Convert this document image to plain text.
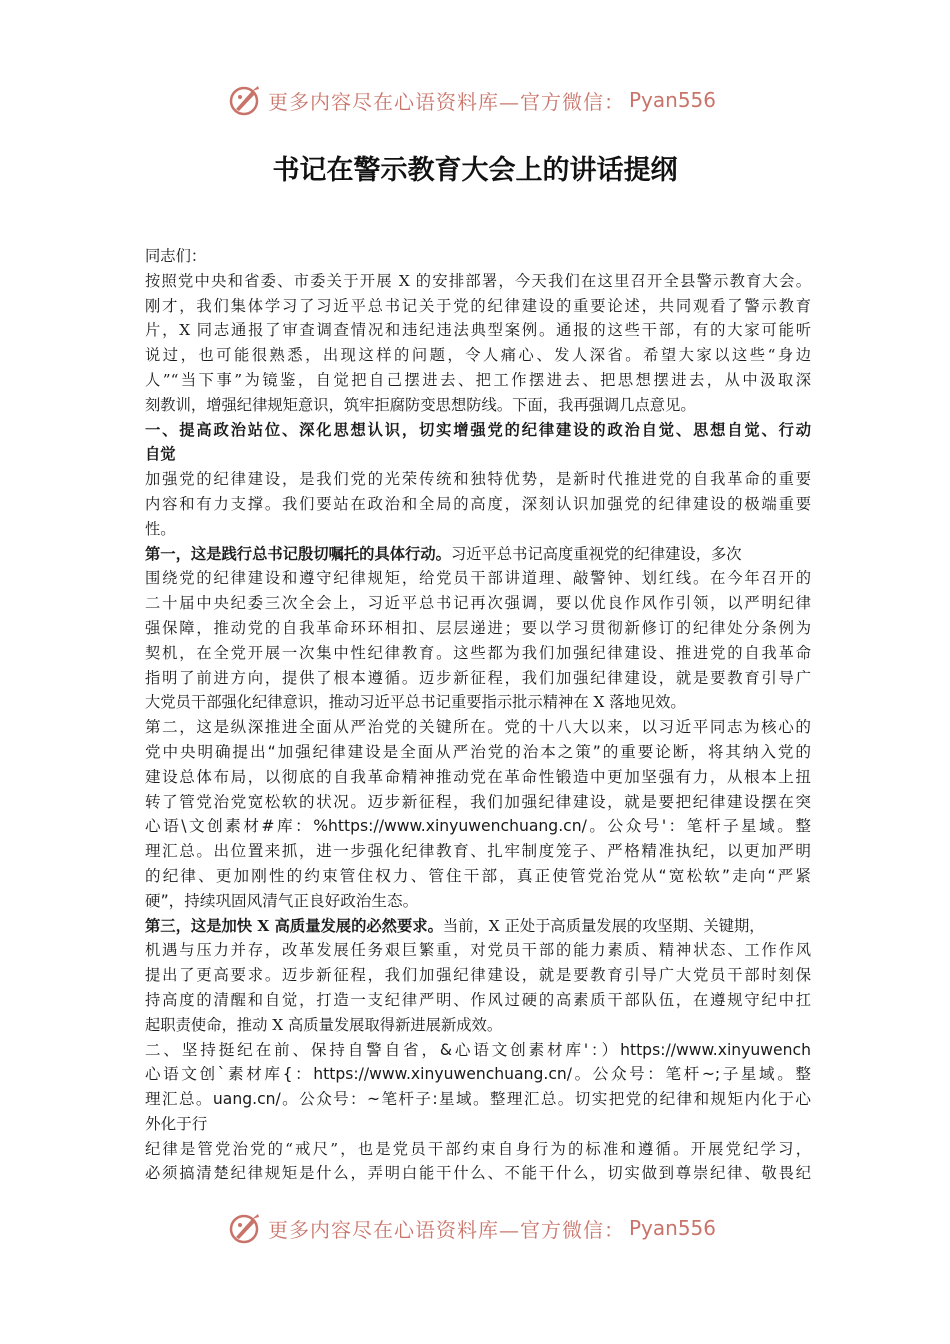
更多内容尽在心语资料库—官方微信： Pyan556
书记在警示教育大会上的讲话提纲
同志们：
按照党中央和省委、市委关于开展 X 的安排部署，今天我们在这里召开全县警示教育大会。
刚才，我们集体学习了习近平总书记关于党的纪律建设的重要论述，共同观看了警示教育
片，X 同志通报了审查调查情况和违纪违法典型案例。通报的这些干部，有的大家可能听
说过，也可能很熟悉，出现这样的问题，令人痛心、发人深省。希望大家以这些“身边
人”“当下事”为镜鉴，自觉把自己摆进去、把工作摆进去、把思想摆进去，从中汲取深
刻教训，增强纪律规矩意识，筑牢拒腐防变思想防线。下面，我再强调几点意见。
一、提高政治站位、深化思想认识，切实增强党的纪律建设的政治自觉、思想自觉、行动
自觉
加强党的纪律建设，是我们党的光荣传统和独特优势，是新时代推进党的自我革命的重要
内容和有力支撑。我们要站在政治和全局的高度，深刻认识加强党的纪律建设的极端重要
性。
第一，这是践行总书记殷切嘱托的具体行动。习近平总书记高度重视党的纪律建设，多次
围绕党的纪律建设和遵守纪律规矩，给党员干部讲道理、敲警钟、划红线。在今年召开的
二十届中央纪委三次全会上，习近平总书记再次强调，要以优良作风作引领，以严明纪律
强保障，推动党的自我革命环环相扣、层层递进；要以学习贯彻新修订的纪律处分条例为
契机，在全党开展一次集中性纪律教育。这些都为我们加强纪律建设、推进党的自我革命
指明了前进方向，提供了根本遵循。迈步新征程，我们加强纪律建设，就是要教育引导广
大党员干部强化纪律意识，推动习近平总书记重要指示批示精神在 X 落地见效。
第二，这是纵深推进全面从严治党的关键所在。党的十八大以来，以习近平同志为核心的
党中央明确提出“加强纪律建设是全面从严治党的治本之策”的重要论断，将其纳入党的
建设总体布局，以彻底的自我革命精神推动党在革命性锻造中更加坚强有力，从根本上扭
转了管党治党宽松软的状况。迈步新征程，我们加强纪律建设，就是要把纪律建设摆在突
心语\文创素材#库：%https://www.xinyuwenchuang.cn/。公众号'：笔杆子星域。整
理汇总。出位置来抓，进一步强化纪律教育、扎牢制度笼子、严格精准执纪，以更加严明
的纪律、更加刚性的约束管住权力、管住干部，真正使管党治党从“宽松软”走向“严紧
硬”，持续巩固风清气正良好政治生态。
第三，这是加快 X 高质量发展的必然要求。当前，X 正处于高质量发展的攻坚期、关键期，
机遇与压力并存，改革发展任务艰巨繁重，对党员干部的能力素质、精神状态、工作作风
提出了更高要求。迈步新征程，我们加强纪律建设，就是要教育引导广大党员干部时刻保
持高度的清醒和自觉，打造一支纪律严明、作风过硬的高素质干部队伍，在遵规守纪中扛
起职责使命，推动 X 高质量发展取得新进展新成效。
二、坚持挺纪在前、保持自警自省，&心语文创素材库'：）https://www.xinyuwench
心语文创`素材库{：https://www.xinyuwenchuang.cn/。公众号：笔杆~;子星域。整
理汇总。uang.cn/。公众号：~笔杆子:星域。整理汇总。切实把党的纪律和规矩内化于心
外化于行
纪律是管党治党的“戒尺”，也是党员干部约束自身行为的标准和遵循。开展党纪学习，
必须搞清楚纪律规矩是什么，弄明白能干什么、不能干什么，切实做到尊崇纪律、敬畏纪
更多内容尽在心语资料库—官方微信： Pyan556
